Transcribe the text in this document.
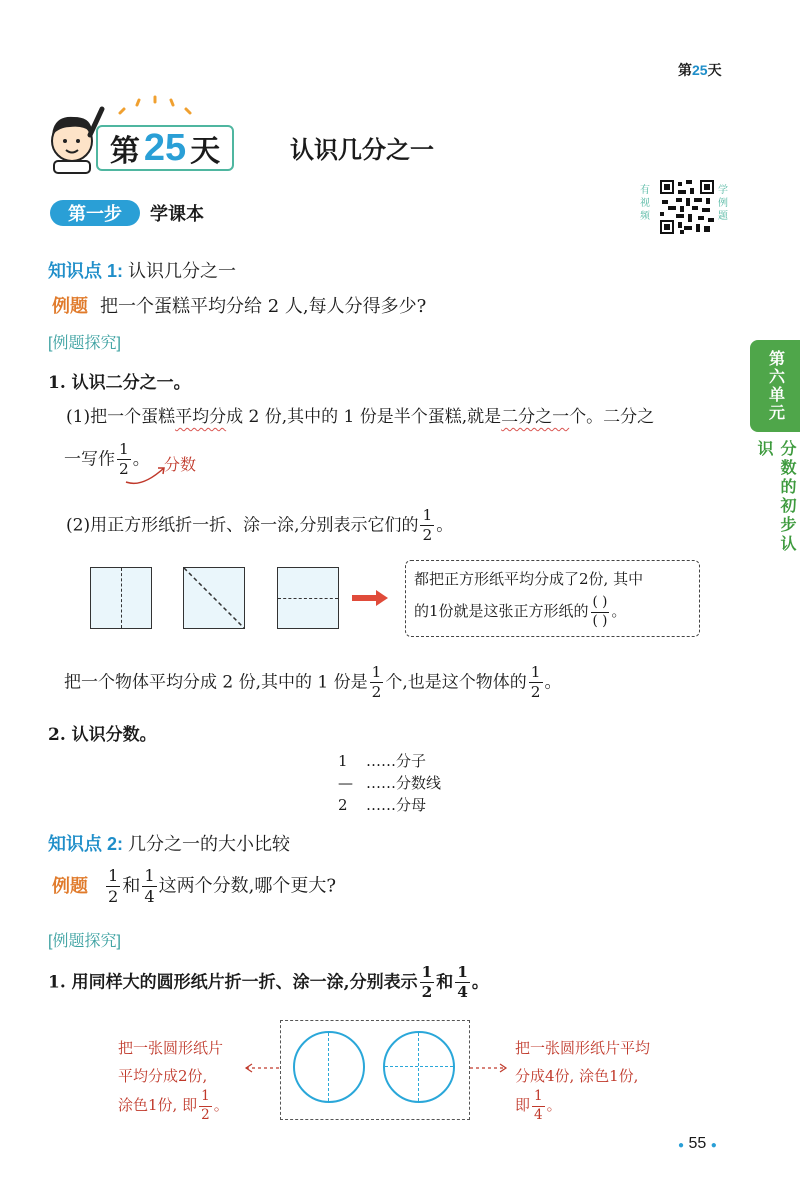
第25天
第 25 天	认识几分之一
第一步	学课本
有视频
学例题
第六单元
分数的初步认识
知识点 1: 认识几分之一
例题 把一个蛋糕平均分给 2 人,每人分得多少?
[例题探究]
1. 认识二分之一。
(1)把一个蛋糕平均分成 2 份,其中的 1 份是半个蛋糕,就是二分之一个。二分之
一写作 $\frac{1}{2}$ 。 分数
(2)用正方形纸折一折、涂一涂,分别表示它们的 $\frac{1}{2}$ 。
都把正方形纸平均分成了2份, 其中
的1份就是这张正方形纸的 $\frac{( )}{( )}$ 。
把一个物体平均分成 2 份,其中的 1 份是 $\frac{1}{2}$ 个,也是这个物体的 $\frac{1}{2}$ 。
2. 认识分数。
1 ……分子
— ……分数线
2 ……分母
知识点 2: 几分之一的大小比较
例题 $\frac{1}{2}$ 和 $\frac{1}{4}$ 这两个分数,哪个更大?
[例题探究]
1. 用同样大的圆形纸片折一折、涂一涂,分别表示 $\frac{1}{2}$ 和 $\frac{1}{4}$ 。
把一张圆形纸片
平均分成2份,
涂色1份, 即 $\frac{1}{2}$ 。
把一张圆形纸片平均
分成4份, 涂色1份,
即 $\frac{1}{4}$ 。
● 55 ●
